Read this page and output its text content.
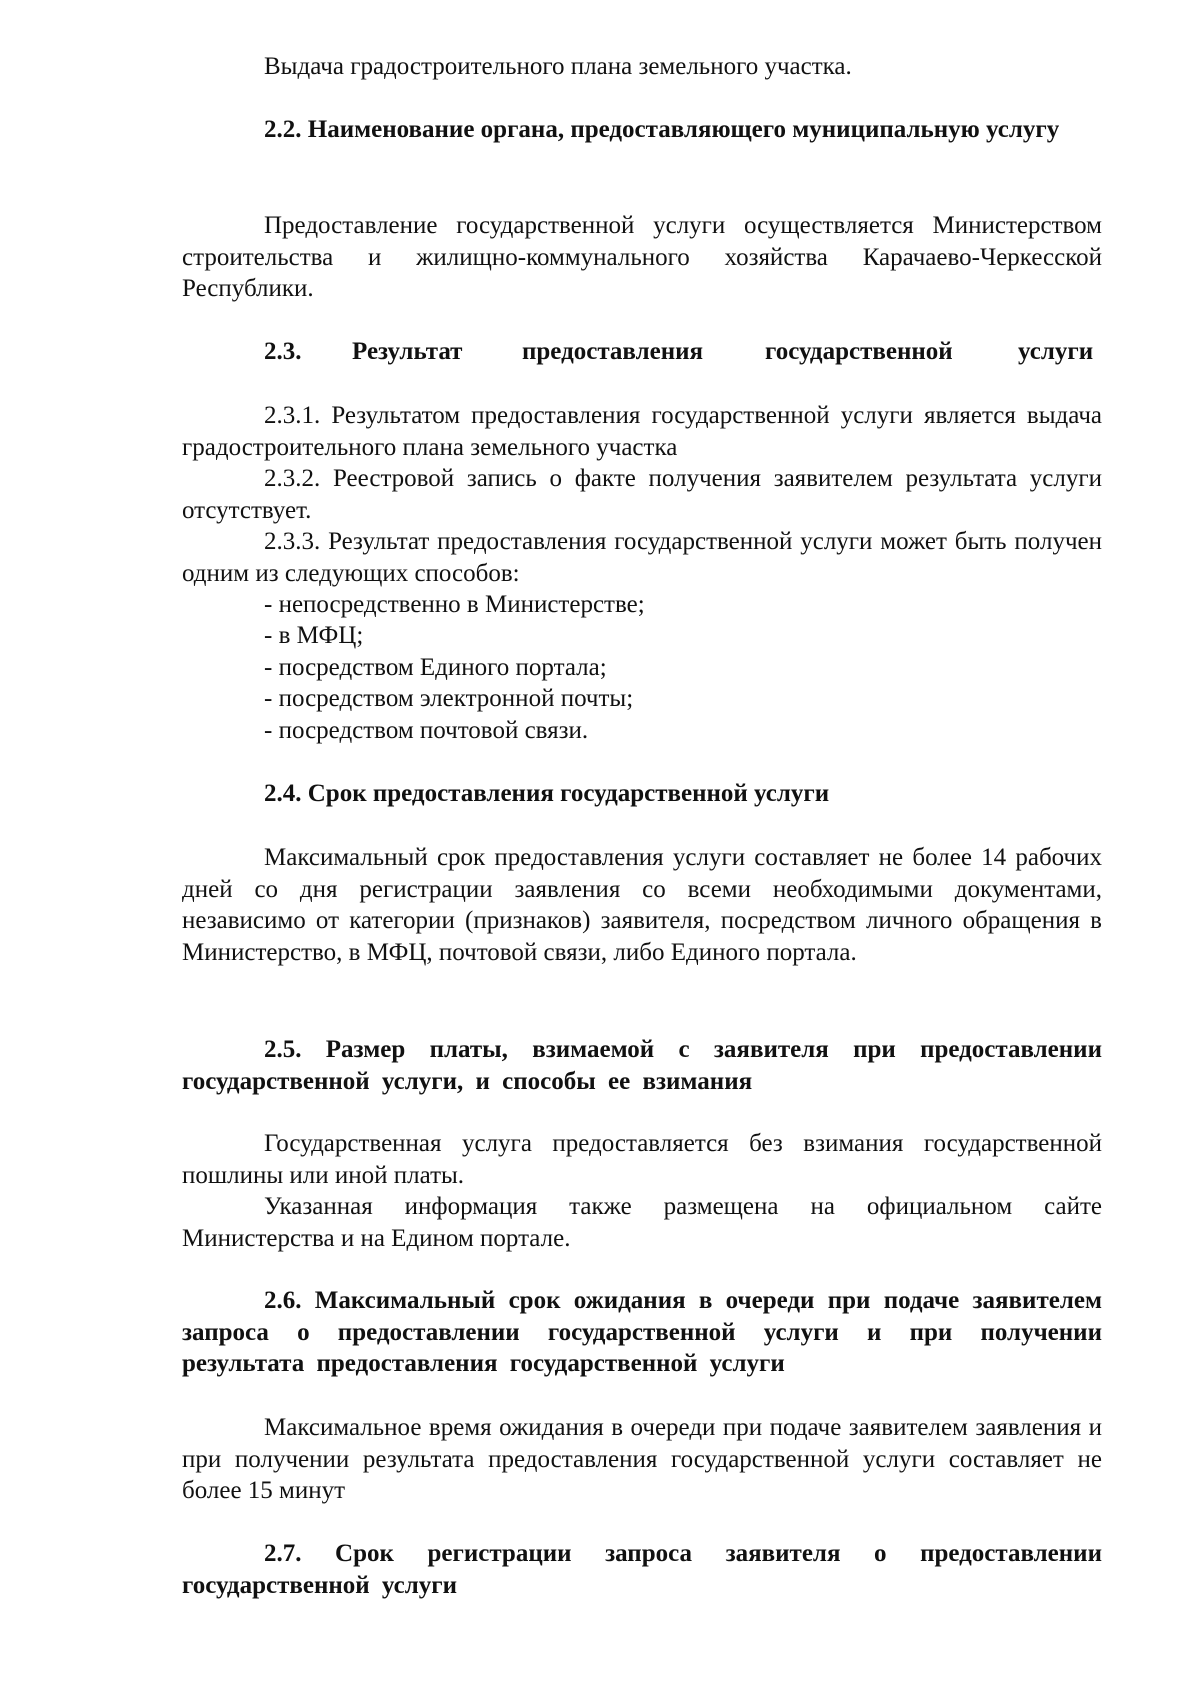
Выдача градостроительного плана земельного участка.

2.2. Наименование органа, предоставляющего муниципальную услугу

Предоставление государственной услуги осуществляется Министерством строительства и жилищно-коммунального хозяйства Карачаево-Черкесской Республики.

2.3. Результат предоставления государственной	услуги

2.3.1. Результатом предоставления государственной услуги является выдача градостроительного плана земельного участка

2.3.2. Реестровой запись о факте получения заявителем результата услуги отсутствует.

2.3.3. Результат предоставления государственной услуги может быть получен одним из следующих способов:

- непосредственно в Министерстве;

- в МФЦ;

- посредством Единого портала;

- посредством электронной почты;

- посредством почтовой связи.

2.4. Срок предоставления государственной услуги

Максимальный срок предоставления услуги составляет не более 14 рабочих дней со дня регистрации заявления со всеми необходимыми документами, независимо от категории (признаков) заявителя, посредством личного обращения в Министерство, в МФЦ, почтовой связи, либо Единого портала.

2.5. Размер платы, взимаемой с заявителя при предоставлении государственной услуги, и способы ее взимания

Государственная услуга предоставляется без взимания государственной пошлины или иной платы.

Указанная информация также размещена на официальном сайте Министерства и на Едином портале.

2.6. Максимальный срок ожидания в очереди при подаче заявителем запроса о предоставлении государственной услуги и при получении результата предоставления государственной услуги

Максимальное время ожидания в очереди при подаче заявителем заявления и при получении результата предоставления государственной услуги составляет не более 15 минут

2.7. Срок регистрации запроса заявителя о предоставлении государственной услуги
